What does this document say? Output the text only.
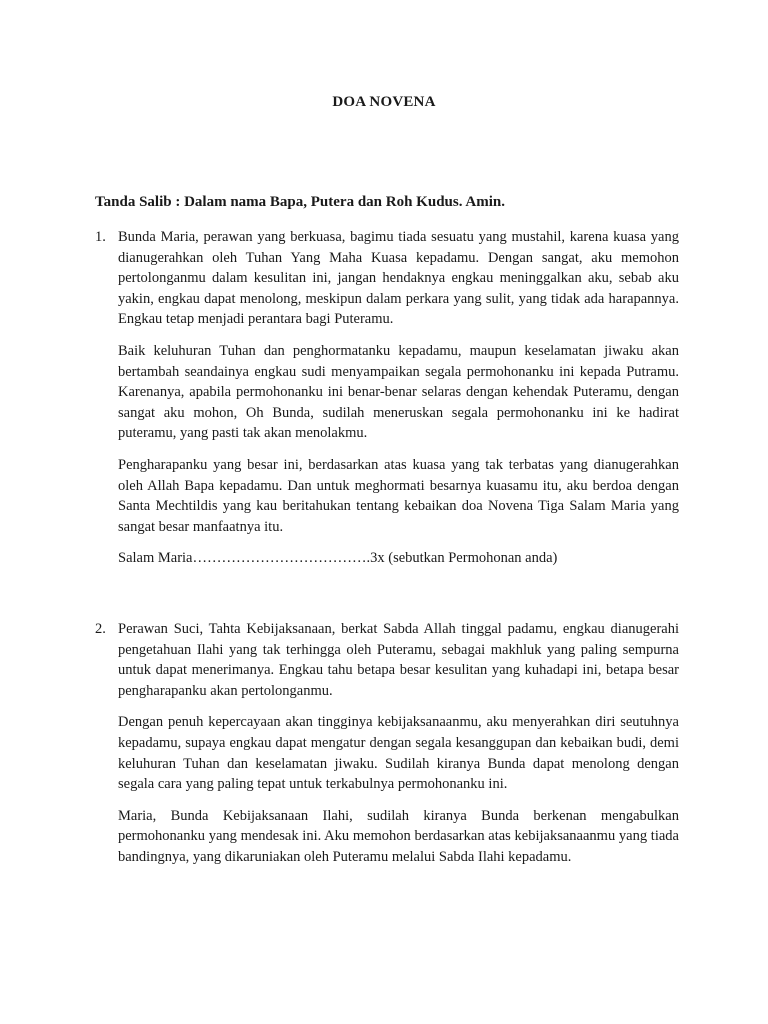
DOA NOVENA
Tanda Salib : Dalam nama Bapa, Putera dan Roh Kudus. Amin.
1. Bunda Maria, perawan yang berkuasa, bagimu tiada sesuatu yang mustahil, karena kuasa yang dianugerahkan oleh Tuhan Yang Maha Kuasa kepadamu. Dengan sangat, aku memohon pertolonganmu dalam kesulitan ini, jangan hendaknya engkau meninggalkan aku, sebab aku yakin, engkau dapat menolong, meskipun dalam perkara yang sulit, yang tidak ada harapannya. Engkau tetap menjadi perantara bagi Puteramu.

Baik keluhuran Tuhan dan penghormatanku kepadamu, maupun keselamatan jiwaku akan bertambah seandainya engkau sudi menyampaikan segala permohonanku ini kepada Putramu. Karenanya, apabila permohonanku ini benar-benar selaras dengan kehendak Puteramu, dengan sangat aku mohon, Oh Bunda, sudilah meneruskan segala permohonanku ini ke hadirat puteramu, yang pasti tak akan menolakmu.

Pengharapanku yang besar ini, berdasarkan atas kuasa yang tak terbatas yang dianugerahkan oleh Allah Bapa kepadamu. Dan untuk meghormati besarnya kuasamu itu, aku berdoa dengan Santa Mechtildis yang kau beritahukan tentang kebaikan doa Novena Tiga Salam Maria yang sangat besar manfaatnya itu.

Salam Maria……………………………….3x (sebutkan Permohonan anda)

2. Perawan Suci, Tahta Kebijaksanaan, berkat Sabda Allah tinggal padamu, engkau dianugerahi pengetahuan Ilahi yang tak terhingga oleh Puteramu, sebagai makhluk yang paling sempurna untuk dapat menerimanya. Engkau tahu betapa besar kesulitan yang kuhadapi ini, betapa besar pengharapanku akan pertolonganmu.

Dengan penuh kepercayaan akan tingginya kebijaksanaanmu, aku menyerahkan diri seutuhnya kepadamu, supaya engkau dapat mengatur dengan segala kesanggupan dan kebaikan budi, demi keluhuran Tuhan dan keselamatan jiwaku. Sudilah kiranya Bunda dapat menolong dengan segala cara yang paling tepat untuk terkabulnya permohonanku ini.

Maria, Bunda Kebijaksanaan Ilahi, sudilah kiranya Bunda berkenan mengabulkan permohonanku yang mendesak ini. Aku memohon berdasarkan atas kebijaksanaanmu yang tiada bandingnya, yang dikaruniakan oleh Puteramu melalui Sabda Ilahi kepadamu.
